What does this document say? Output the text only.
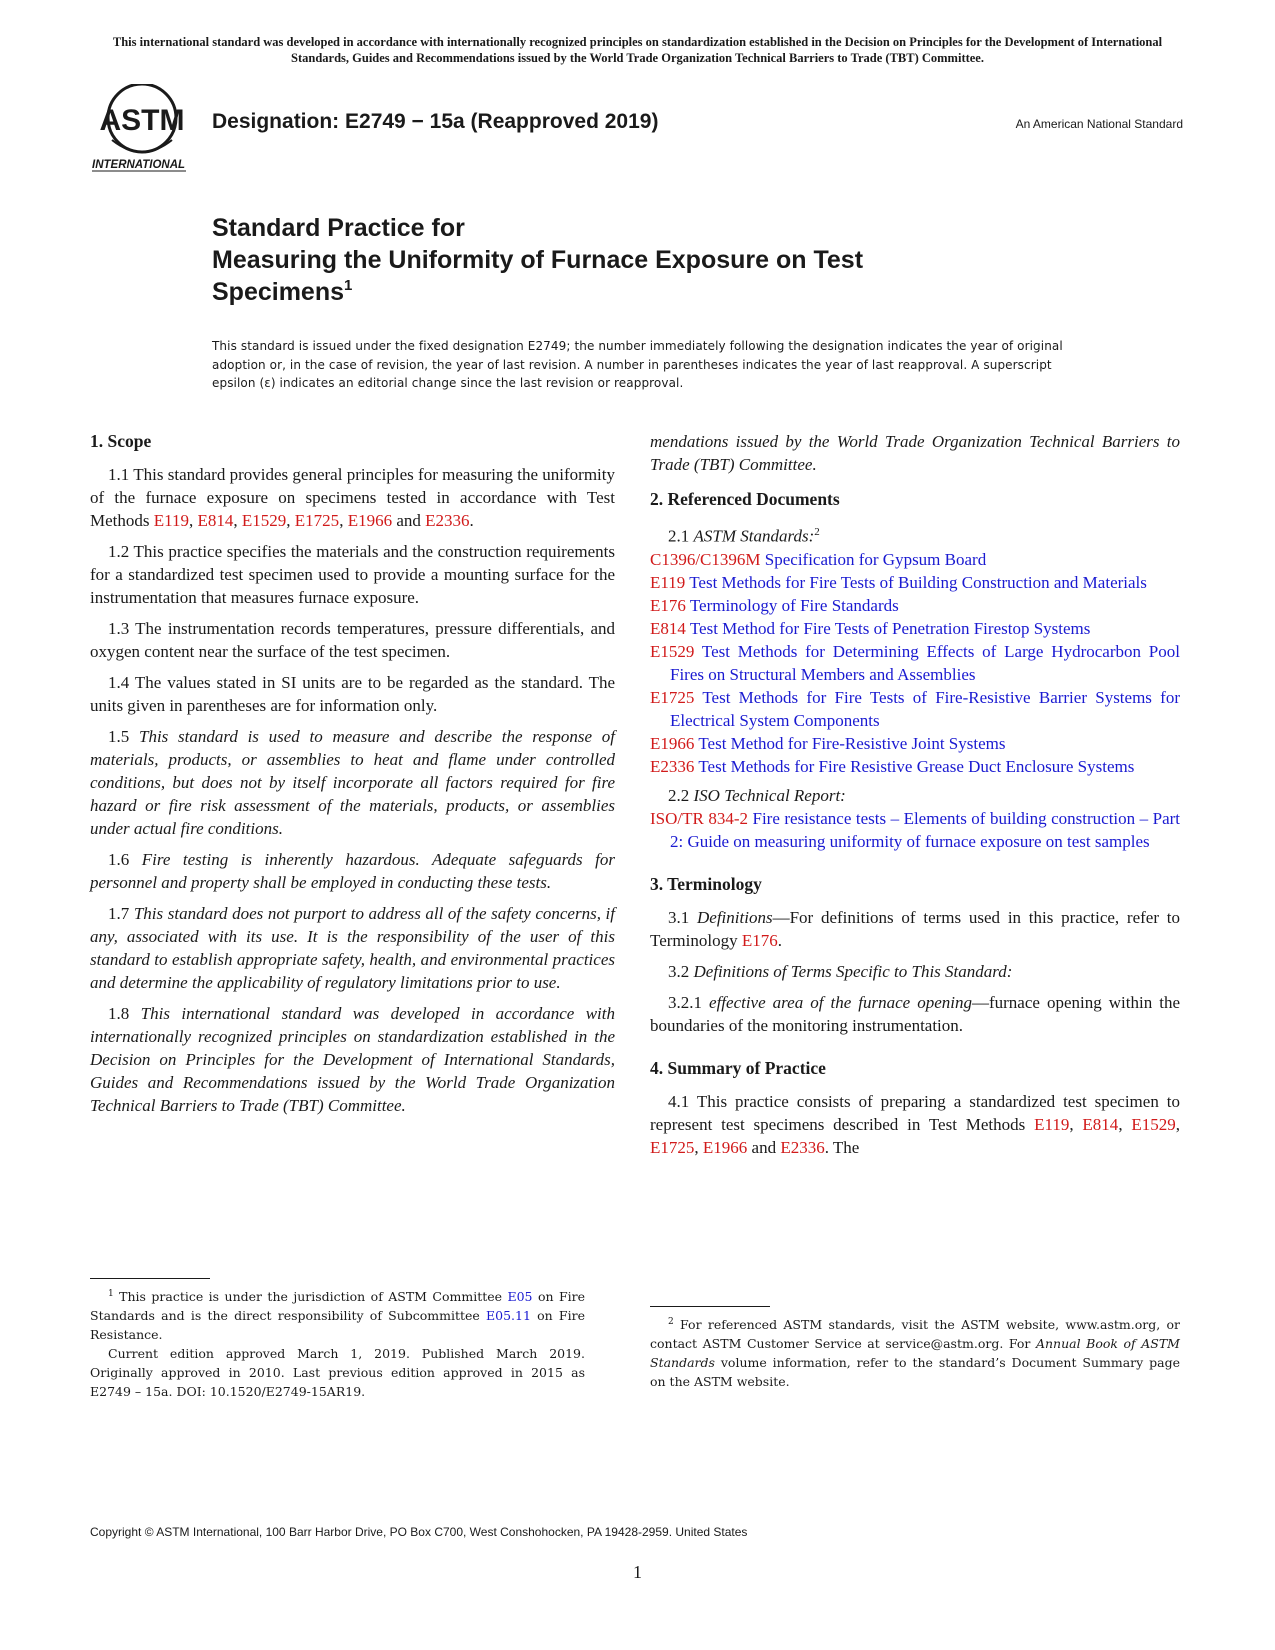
This international standard was developed in accordance with internationally recognized principles on standardization established in the Decision on Principles for the Development of International Standards, Guides and Recommendations issued by the World Trade Organization Technical Barriers to Trade (TBT) Committee.
ASTM
INTERNATIONAL
Designation: E2749 − 15a (Reapproved 2019)	An American National Standard
Standard Practice for
Measuring the Uniformity of Furnace Exposure on Test
Specimens$^1$
This standard is issued under the fixed designation E2749; the number immediately following the designation indicates the year of original adoption or, in the case of revision, the year of last revision. A number in parentheses indicates the year of last reapproval. A superscript epsilon (ε) indicates an editorial change since the last revision or reapproval.
1. Scope

1.1 This standard provides general principles for measuring the uniformity of the furnace exposure on specimens tested in accordance with Test Methods E119, E814, E1529, E1725, E1966 and E2336.

1.2 This practice specifies the materials and the construction requirements for a standardized test specimen used to provide a mounting surface for the instrumentation that measures furnace exposure.

1.3 The instrumentation records temperatures, pressure differentials, and oxygen content near the surface of the test specimen.

1.4 The values stated in SI units are to be regarded as the standard. The units given in parentheses are for information only.

1.5 This standard is used to measure and describe the response of materials, products, or assemblies to heat and flame under controlled conditions, but does not by itself incorporate all factors required for fire hazard or fire risk assessment of the materials, products, or assemblies under actual fire conditions.

1.6 Fire testing is inherently hazardous. Adequate safeguards for personnel and property shall be employed in conducting these tests.

1.7 This standard does not purport to address all of the safety concerns, if any, associated with its use. It is the responsibility of the user of this standard to establish appropriate safety, health, and environmental practices and determine the applicability of regulatory limitations prior to use.

1.8 This international standard was developed in accordance with internationally recognized principles on standardization established in the Decision on Principles for the Development of International Standards, Guides and Recommendations issued by the World Trade Organization Technical Barriers to Trade (TBT) Committee.

$^1$ This practice is under the jurisdiction of ASTM Committee E05 on Fire Standards and is the direct responsibility of Subcommittee E05.11 on Fire Resistance.

Current edition approved March 1, 2019. Published March 2019. Originally approved in 2010. Last previous edition approved in 2015 as E2749 – 15a. DOI: 10.1520/E2749-15AR19.

mendations issued by the World Trade Organization Technical Barriers to Trade (TBT) Committee.

2. Referenced Documents
2.1 ASTM Standards:$^2$
C1396/C1396M Specification for Gypsum Board
E119 Test Methods for Fire Tests of Building Construction and Materials
E176 Terminology of Fire Standards
E814 Test Method for Fire Tests of Penetration Firestop Systems
E1529 Test Methods for Determining Effects of Large Hydrocarbon Pool Fires on Structural Members and Assemblies
E1725 Test Methods for Fire Tests of Fire-Resistive Barrier Systems for Electrical System Components
E1966 Test Method for Fire-Resistive Joint Systems
E2336 Test Methods for Fire Resistive Grease Duct Enclosure Systems
2.2 ISO Technical Report:
ISO/TR 834-2 Fire resistance tests – Elements of building construction – Part 2: Guide on measuring uniformity of furnace exposure on test samples
3. Terminology

3.1 Definitions—For definitions of terms used in this practice, refer to Terminology E176.

3.2 Definitions of Terms Specific to This Standard:

3.2.1 effective area of the furnace opening—furnace opening within the boundaries of the monitoring instrumentation.

4. Summary of Practice

4.1 This practice consists of preparing a standardized test specimen to represent test specimens described in Test Methods E119, E814, E1529, E1725, E1966 and E2336. The

$^2$ For referenced ASTM standards, visit the ASTM website, www.astm.org, or contact ASTM Customer Service at service@astm.org. For Annual Book of ASTM Standards volume information, refer to the standard’s Document Summary page on the ASTM website.

Copyright © ASTM International, 100 Barr Harbor Drive, PO Box C700, West Conshohocken, PA 19428-2959. United States
1
